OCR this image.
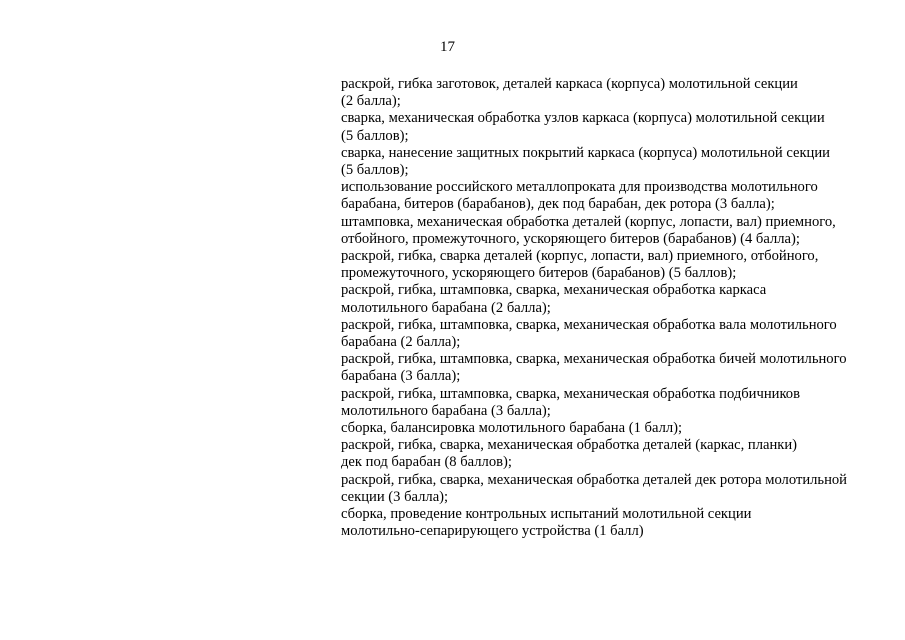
17
раскрой, гибка заготовок, деталей каркаса (корпуса) молотильной секции
(2 балла);
сварка, механическая обработка узлов каркаса (корпуса) молотильной секции
(5 баллов);
сварка, нанесение защитных покрытий каркаса (корпуса) молотильной секции
(5 баллов);
использование российского металлопроката для производства молотильного
барабана, битеров (барабанов), дек под барабан, дек ротора (3 балла);
штамповка, механическая обработка деталей (корпус, лопасти, вал) приемного,
отбойного, промежуточного, ускоряющего битеров (барабанов) (4 балла);
раскрой, гибка, сварка деталей (корпус, лопасти, вал) приемного, отбойного,
промежуточного, ускоряющего битеров (барабанов) (5 баллов);
раскрой, гибка, штамповка, сварка, механическая обработка каркаса
молотильного барабана (2 балла);
раскрой, гибка, штамповка, сварка, механическая обработка вала молотильного
барабана (2 балла);
раскрой, гибка, штамповка, сварка, механическая обработка бичей молотильного
барабана (3 балла);
раскрой, гибка, штамповка, сварка, механическая обработка подбичников
молотильного барабана (3 балла);
сборка, балансировка молотильного барабана (1 балл);
раскрой, гибка, сварка, механическая обработка деталей (каркас, планки)
дек под барабан (8 баллов);
раскрой, гибка, сварка, механическая обработка деталей дек ротора молотильной
секции (3 балла);
сборка, проведение контрольных испытаний молотильной секции
молотильно-сепарирующего устройства (1 балл)
